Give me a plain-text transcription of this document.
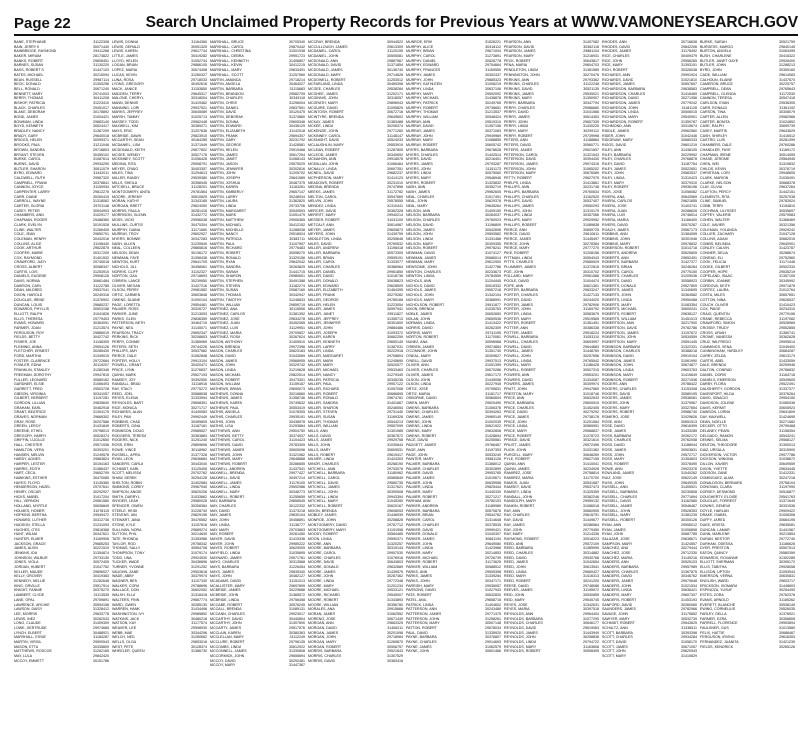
Page 22	Search Unclaimed Property Records for Previous Years at WWW.VAMONEYSEARCH.GOV
BANE, STEPHANIE	31122308
BAIN, JERRY K	30071440
BAINBRIDGE, RAYMOND	29411268
BAKER, MIRIAM	28173822
BANKS, ROBERT	29808451
BARNES, SUSAN	31130220
BASS, ROBERT S	31447103
BATES, MICHAEL	30215094
BEAN, RUSSELL	29987114
BECK, DONALD	31300256
BELL, RONALD	30671240
BENNETT, MARY	29741003
BERRY, THOMAS	30411208
BISHOP, PATRICIA	31223410
BLACK, CHARLES	29451017
BLAKE, DEBORAH	30178892
BOND, JAMES	31004421
BOWMAN, LINDA	29883140
BOYD, KENNETH	30524417
BRADLEY, NANCY	31367209
BRADY, GARY	29640018
BRIGGS, HELEN	30099371
BROOKS, PAUL	31211046
BROWN, SANDRA	29718803
BRYANT, STEVEN	30455102
BURKE, CAROL	31087614
BURNS, DAVID	29934250
BUTLER, SHARON	30611079
BYRD, EDWARD	31442011
CALDWELL, RUTH	29567320
CAMPBELL, FRANK	30378841
CANNON, JOYCE	31150934
CARPENTER, LARRY	29812276
CARR, DIANE	30260415
CARROLL, WAYNE	31318062
CARTER, GLORIA	29701148
CASEY, PETER	30544903
CHAMBERS, ANN	31029177
CHAPMAN, ROGER	29488360
CLARK, EVELYN	30191528
CLINE, WALTER	31266405
COLE, JEAN	29850791
COLEMAN, HENRY	30432016
COLLINS, ALICE	31198440
COOK, ARTHUR	29622875
COOPER, MARIE	30317209
COX, RAYMOND	31401532
CRAWFORD, JUDY	29745018
CROSS, ALBERT	30086347
CURTIS, LOIS	31253910
DANIELS, EUGENE	29908126
DAVIS, NORMA	30661484
DAWSON, CARL	31122785
DEAN, MILDRED	29537041
DIXON, HAROLD	30249316
DOUGLAS, IRENE	31376902
DUNCAN, LOUIS	29680237
EDWARDS, PHYLLIS	30503158
ELLIOTT, RALPH	31041826
ELLIS, THERESA	29779403
EVANS, HOWARD	30364091
FARMER, JOAN	31213574
FERGUSON, ROY	29866019
FIELDS, BETTY	30427742
FISHER, JOE	31158309
FLEMING, ANNA	29594126
FLETCHER, ERNEST	30285430
FORD, MARTHA	31349015
FOSTER, CLARENCE	29722684
FOWLER, EDNA	30119207
FRANKLIN, STANLEY	31280346
FREEMAN, DOROTHY	29947815
FULLER, LEONARD	30589162
GARDNER, ELSIE	31066493
GARRETT, FRED	29503728
GIBSON, VIRGINIA	30341057
GILBERT, HERBERT	31197281
GORDON, LILLIAN	29835640
GRAHAM, EARL	30462918
GRANT, BEATRICE	31304175
GRAVES, NORMAN	29669302
GRAY, ROSE	30207586
GREEN, LEROY	31431849
GREENE, ETHEL	29798013
GREGORY, HARRY	30528374
GRIFFIN, LUCILLE	31012650
HALL, CHESTER	29571936
HAMILTON, VERA	30393201
HANSEN, MELVIN	31249578
HARDY, AGNES	29883824
HARPER, LESTER	30154163
HARRIS, EDITH	31386437
HART, CECIL	29652709
HAWKINS, ESTHER	30470085
HAYES, FLOYD	31135360
HENDERSON, HAZEL	29707641
HENRY, OSCAR	30292927
HICKS, MABEL	31417204
HILL, VERNON	29961580
HOLLAND, MYRTLE	30636849
HOLMES, HOMER	31078115
HOPKINS, BERTHA	29549472
HOWARD, LUTHER	30312736
HUDSON, STELLA	31231093
HUGHES, OTIS	29818368
HUNT, WILMA	30447621
HUNTER, ELMER	31169906
JACKSON, GRACE	29685253
JAMES, ALVIN	30221519
JENKINS, IDA	31354874
JOHNSON, WILBUR	29733130
JONES, VIOLA	30572405
JORDAN, HUBERT	31047762
KELLER, MAUDE	29896027
KELLY, GROVER	30419383
KENNEDY, NELLIE	31282648
KING, ORVILLE	29517914
KNIGHT, FANNIE	30375270
LAMBERT, CLYDE	31113535
LANE, OPAL	29759891
LAWRENCE, ARCHIE	30594156
LAWSON, DAISY	31328412
LEE, MORRIS	29633778
LEWIS, INEZ	30262043
LONG, CLAUDE	31409309
LOWE, GERTRUDE	29974665
LYNCH, ELBERT	30488921
MARSHALL, ESSIE	31184287
MARTIN, VIRGIL	29590543
MASON, ETTA	30335809
MATTHEWS, ROSCOE	31262165
MAY, LULA	29842420
MCCOY, EMMETT	30151786
LEWIS, DONNA	31164360
LEWIS, GERALD	30051325
LEWIS, KAREN	29617744
LITTLE, JAMES	30419282
LLOYD, HELEN	31092744
LOGAN, BRIAN	29886105
LOPEZ, MARIA	30574498
LUCAS, KEVIN	31260327
LUNA, ROSA	29718033
LYONS, GREGORY	30492616
MACK, JANICE	31153850
MADDEN, TERRY	29645317
MALONE, CHERYL	30318004
MANN, DENNIS	31419462
MANNING, LORI	29937521
MARKS, JEFFREY	30645089
MARSH, TAMMY	31025713
MASSEY, TODD	29562448
MAXWELL, KIM	30389271
MAYS, ERIC	31207636
MCBRIDE, DAWN	29823910
MCCARTHY, SEAN	30164285
MCDANIEL, LISA	31371549
MCDONALD, KEITH	29677802
MCGEE, WENDY	30527176
MCKINNEY, SCOTT	31056428
MEDINA, RITA	29908791
MEYER, CRAIG	30403357
MILES, TINA	31294613
MILLER, RANDY	29539380
MILLS, SHEILA	30356945
MITCHELL, BRUCE	31128201
MONTGOMERY, ANITA	29781564
MOORE, JEREMY	30610829
MORAN, KATHY	31343185
MORGAN, BRETT	29624050
MORRIS, PAULA	30281416
MORRISON, GLENN	31432772
MOSS, VICKI	29956038
MULLINS, CURTIS	30475304
MURPHY, DIANA	31171660
MURRAY, TROY	29602927
MYERS, BONNIE	30347283
NASH, ALLEN	31239549
NEAL, COLLEEN	29865816
NELSON, DEAN	30136172
NEWMAN, FAYE	31398438
NEWTON, KURT	29641705
NICHOLS, JILL	30458061
NORRIS, CLIFF	31102327
NORTON, GAIL	29718693
O'BRIEN, LANCE	30239950
OLIVER, MEGAN	31427216
OLSON, PERRY	29981582
ORTIZ, CARMEN	30603848
OWENS, DUANE	31090104
PAGE, LORETTA	29554461
PALMER, ROSS	30326727
PARKER, JUNE	31213093
PARKS, GLEN	29836359
PATTERSON, BETH	30464715
PAYNE, NEIL	31145071
PEARSON, TRACY	29692347
PERKINS, RICK	30208603
PERRY, CONNIE	31365969
PETERS, SETH	29744226
PHILLIPS, AMY	30537582
PIERCE, DALE	31062848
PORTER, HOLLY	29913104
POWELL, GRANT	30420471
PRICE, LYNN	31276837
QUINN, MARK	29527193
RAMSEY, JOY	30392550
RANDALL, BRAD	31118916
RAY, STACY	29775272
REED, JOEL	30588638
REYES, ELENA	31333994
REYNOLDS, BART	29658351
RICE, MONICA	30271717
RICHARDS, ALAN	31449083
RILEY, PAM	29992449
ROBBINS, CHAD	30495805
ROBERTS, GINA	31187161
ROBINSON, DOUG	29585527
RODGERS, TERESA	30363883
ROGERS, NICK	31251240
ROSS, ERIN	29859606
ROWE, VINCE	30118962
RUSSELL, APRIL	31377328
RYAN, LEON	29636684
SANDERS, CARLA	30443040
SCHMIDT, KARL	31125406
SCOTT, MELISSA	29702762
SHAW, DEREK	30254128
SHELTON, ROBIN	31402584
SIMMONS, COREY	29967940
SIMPSON, ANGIE	30620206
SMITH, DARRYL	31033662
SNYDER, LEAH	29580028
SPENCER, OWEN	30308384
STEELE, HEIDI	31228740
STEVENS, IAN	29829196
STEWART, JANA	30476552
STONE, KYLE	31157818
SULLIVAN, NORA	29689274
SUTTON, PHIL	30214630
TATE, RHONDA	31353986
TAYLOR, ROD	29758342
THOMAS, SALLY	30554708
THOMPSON, TONY	31079174
TODD, UNA	29924530
TUCKER, WADE	30436896
TURNER, YVONNE	31291252
VAUGHN, ZANE	29503618
WADE, ABBY	30379974
WAGNER, BEN	31107330
WALKER, CORA	29788696
WALLACE, DON	30602052
WALSH, ELLA	31318418
WALTERS, FINN	29667774
WARD, GWEN	30285130
WARREN, HANK	31434496
WASHINGTON, IVY	29985852
WATKINS, JACK	30480218
WATSON, KAY	31177574
WEAVER, LEE	29598930
WEBB, MAE	30344296
WELCH, NED	31260652
WELLS, OLGA	29853018
WEST, PETE	30128374
WHEELER, QUEEN	31386730
MARSHALL, BRUCE	30705340
MARSHALL, CAROL	29870442
MARSHALL, CHRISTINA	31001938
MARSHALL, DEBRA	29951723
MARSHALL, KENNETH	31406807
MARSHALL, KEVIN	30412215
MARSHALL, MARY	29633491
MARSHALL, SCOTT	31257560
MARTIN, AMANDA	29718214
MARTIN, ANGELA	30464027
MARTIN, BARBARA	31115683
MARTIN, BRANDON	29582709
MARTIN, CHARLES	30349118
MARTIN, CHRIS	31296004
MARTIN, DANIEL	29837591
MARTIN, DAVID	30120475
MARTIN, DEBORAH	31374860
MARTIN, DONNA	29605346
MARTIN, EDWARD	30436129
MARTIN, ELIZABETH	31142018
MARTIN, FRANK	29694307
MARTIN, GARY	30231792
MARTIN, GEORGE	31428581
MARTIN, HELEN	29919468
MARTIN, JAMES	30617254
MARTIN, JANET	31068143
MARTIN, JASON	29575029
MARTIN, JENNIFER	30302816
MARTIN, JOHN	31205702
MARTIN, JOSEPH	29841589
MARTIN, JOSHUA	30487375
MARTIN, KAREN	31163261
MARTIN, KIMBERLY	29657147
MARTIN, LARRY	30248934
MARTIN, LAURA	31362820
MARTIN, LINDA	29733706
MARTIN, MARGARET	30549593
MARTIN, MARK	31051479
MARTIN, MATTHEW	29906365
MARTIN, MICHAEL	30412152
MARTIN, MICHELLE	31288038
MARTIN, NANCY	29518924
MARTIN, PATRICIA	30383711
MARTIN, PAUL	31107597
MARTIN, RICHARD	29776483
MARTIN, ROBERT	30598270
MARTIN, RONALD	31329156
MARTIN, RYAN	29642042
MARTIN, SANDRA	30263829
MARTIN, SARAH	31441715
MARTIN, SHARON	29980601
MARTIN, STEPHEN	30491388
MARTIN, STEVEN	31182274
MARTIN, SUSAN	29587160
MARTIN, THOMAS	30342947
MARTIN, TIMOTHY	31248833
MARTIN, WILLIAM	29859719
MARTINEZ, ANA	30115506
MARTINEZ, CARLOS	31381392
MARTINEZ, JOSE	29634278
MARTINEZ, JUAN	30452065
MARTINEZ, LUIS	31129951
MARTINEZ, MARIA	29709837
MARTINEZ, ROSA	30267624
MASON, ANTHONY	31405510
MASON, BRENDA	29972396
MASON, CHARLES	30623183
MASON, DAVID	31043069
MASON, JAMES	29568955
MASON, JOHN	30329742
MASON, LINDA	31219628
MASON, MICHAEL	29822514
MASON, ROBERT	30473301
MASON, WILLIAM	31159187
MATHEWS, BRIAN	29690073
MATHEWS, DONNA	30216860
MATHEWS, JAMES	31358746
MATHEWS, KAREN	29749632
MATHEWS, PAUL	30553419
MATHIS, ANGELA	31078305
MATHIS, CHARLES	29935191
MATHIS, JOHN	30438978
MATHIS, LISA	31293864
MATTHEWS, ANN	29504750
MATTHEWS, BETTY	30374537
MATTHEWS, CAROL	31104423
MATTHEWS, DAVID	29783309
MATTHEWS, JAMES	30605096
MATTHEWS, JOHN	31321982
MATTHEWS, MARY	29648868
MATTHEWS, ROBERT	30286655
MAXWELL, ANDREW	31437541
MAXWELL, BRENDA	29977427
MAXWELL, DAVID	30497214
MAXWELL, JAMES	31176100
MAXWELL, LINDA	29592986
MAXWELL, MARY	30348773
MAXWELL, ROBERT	31255659
MAY, BARBARA	29856545
MAY, CHARLES	30122332
MAY, DAVID	31373218
MAY, JAMES	29630104
MAY, JOHN	30458891
MAY, LINDA	31136777
MAY, MARY	29703663
MAY, ROBERT	30261450
MAYER, DAVID	31419336
MAYER, JOHN	29989222
MAYES, ROBERT	30629009
MAYFIELD, LINDA	31035895
MAYNARD, JAMES	29571781
MAYO, CHARLES	30313568
MAYS, BARBARA	31226454
MAYS, JAMES	29835340
MAYS, JOHN	30482127
MCADAMS, DAVID	31151013
MCALLISTER, MARY	29697899
MCBRIDE, JAMES	30229686
MCBRIDE, JOHN	31365572
MCBRIDE, LINDA	29756458
MCCABE, ROBERT	30576245
MCCALL, BRENDA	31089131
MCCANN, CHARLES	29923017
MCCARTHY, DAVID	30440804
MCCARTHY, JOHN	31307690
MCCARTY, JAMES	29517576
MCCLAIN, KAREN	30380363
MCCLELLAN, MARY	31112249
MCCLURE, ROBERT	29796135
MCCOMBS, LINDA	30612922
MCCONNELL, JAMES	31330808
MCCORMICK, JOHN	29655694
MCCOY, DAVID	30292481
MCCOY, MARY	31447367
MCCRAY, BRENDA	30944522
MCCULLOUGH, JAMES	29613309
MCDANIEL, CAROL	31120195
MCDANIEL, JOHN	30505081
MCDONALD, ANN	29887967
MCDONALD, DAVID	31371854
MCDONALD, JAMES	30136740
MCDONALD, MARY	29714626
MCDOWELL, ROBERT	31253512
MCFARLAND, LINDA	30469398
MCGEE, CHARLES	29538284
MCGHEE, JAMES	31202171
MCGINNIS, JOHN	30318057
MCGRATH, MARY	29896943
MCGUIRE, DAVID	31095829
MCINTOSH, ROBERT	30672716
MCINTYRE, BRENDA	29649602
MCKAY, JAMES	31383488
MCKEE, LINDA	30206374
MCKENZIE, JOHN	29771260
MCKINNEY, CAROL	31148147
MCKNIGHT, DAVID	30524033
MCLAUGHLIN, MARY	29553919
MCLEAN, ROBERT	31287805
MCLEOD, JAMES	30340692
MCMAHON, ANN	29918578
MCMILLAN, JOHN	31066464
MCNALLY, LINDA	30697351
MCNEIL, DAVID	29682237
MCPHERSON, MARY	31414123
MEADOWS, ROBERT	30231010
MEDINA, BRENDA	29747896
MEEKS, JAMES	31172782
MELTON, CAROL	30547669
MELVIN, JOHN	29578555
MENDEZ, LINDA	31310441
MERCER, DAVID	30362328
MERRITT, MARY	29940214
MESSER, ROBERT	31041100
METCALF, ANN	30614987
MEYER, JAMES	29605873
MEYERS, JOHN	31439759
MIDDLETON, LINDA	30255646
MILES, DAVID	29769532
MILLER, ANDREW	31198418
MILLER, BARBARA	30573305
MILLER, BRIAN	29595191
MILLER, CAROL	31333077
MILLER, CHARLES	30386964
MILLER, DANIEL	29961850
MILLER, DAVID	31018736
MILLER, DONALD	30638623
MILLER, EDWARD	29628509
MILLER, ELIZABETH	31464395
MILLER, FRANK	30279282
MILLER, GEORGE	29785168
MILLER, HELEN	31223054
MILLER, JAMES	30597941
MILLER, JANET	29511827
MILLER, JEFFREY	31355713
MILLER, JENNIFER	30301600
MILLER, JOHN	29884486
MILLER, JOSEPH	31093372
MILLER, KAREN	30662259
MILLER, KENNETH	29650145
MILLER, LARRY	31387031
MILLER, LINDA	30222918
MILLER, MARGARET	29708804
MILLER, MARK	31245690
MILLER, MARY	30520577
MILLER, MICHAEL	29533463
MILLER, NANCY	31279349
MILLER, PATRICIA	30345236
MILLER, PAUL	29907122
MILLER, RICHARD	31057008
MILLER, ROBERT	30686895
MILLER, RONALD	29674781
MILLER, SANDRA	31401667
MILLER, SHARON	30246554
MILLER, STEVEN	29731440
MILLER, SUSAN	31169326
MILLER, THOMAS	30544213
MILLER, WILLIAM	29557099
MILLS, ANN	31301985
MILLS, DAVID	30367872
MILLS, JAMES	29929758
MILLS, JOHN	31030644
MILLS, MARY	30609531
MILLS, ROBERT	29619417
MILNER, LINDA	31424303
MINOR, CHARLES	30268190
MITCHELL, ANN	29753076
MITCHELL, BARBARA	31180962
MITCHELL, CAROL	30565849
MITCHELL, DAVID	29580735
MITCHELL, JAMES	31317621
MITCHELL, JOHN	30390508
MITCHELL, LINDA	29943394
MITCHELL, MARY	31045280
MITCHELL, ROBERT	30620167
MIXON, BRENDA	29608053
MOBLEY, JAMES	31446939
MONROE, JOHN	30258826
MONTGOMERY, DAVID	29767712
MONTGOMERY, MARY	31191598
MOODY, ROBERT	30584485
MOON, LINDA	29590371
MOORE, ANN	31320257
MOORE, BARBARA	30319144
MOORE, CAROL	29957030
MOORE, CHARLES	31076916
MOORE, DAVID	30643803
MOORE, DONALD	29632689
MOORE, JAMES	31439575
MOORE, JOHN	30287462
MOORE, LINDA	29772348
MOORE, MARY	31201234
MOORE, MICHAEL	30533121
MOORE, RICHARD	29545007
MOORE, ROBERT	31343893
MOORE, WILLIAM	30356780
MORALES, ANA	29915666
MORAN, JAMES	31062552
MORENO, JOSE	30671439
MORGAN, ANN	29663325
MORGAN, DAVID	31406211
MORGAN, JAMES	30201098
MORGAN, JOHN	29718984
MORGAN, MARY	31269870
MORGAN, ROBERT	30506757
MORRIS, BARBARA	29521643
MORRIS, CHARLES	31307529
MORRIS, DAVID	30383416
MUNROE, ERIK	31526221
MURPHY, ALICE	30418112
MURPHY, BRIAN	29671004
MURPHY, CAROL	31273891
MURPHY, DANIEL	30526778
MURPHY, EDWARD	29754664
MURPHY, FRANCES	31169550
MURPHY, JAMES	30302437
MURPHY, JOHN	29885323
MURPHY, KATHLEEN	31006219
MURPHY, LINDA	30637106
MURPHY, MARY	29592092
MURPHY, MICHAEL	31438878
MURPHY, PATRICK	30249765
MURPHY, ROBERT	29736651
MURPHY, THOMAS	31213537
MURPHY, WILLIAM	30548424
MURRAY, ANN	29519310
MURRAY, DAVID	31357196
MURRAY, JAMES	30371083
MURRAY, JOHN	29949969
MURRAY, MARY	31088855
MURRAY, ROBERT	30605742
MYERS, BARBARA	29678628
MYERS, CHARLES	31442514
MYERS, DAVID	30216401
MYERS, JAMES	29793287
MYERS, JOHN	31151173
MYERS, LINDA	30575060
MYERS, MARY	29548946
MYERS, ROBERT	31325832
NASH, ANN	30352719
NASH, JAMES	29962605
NEAL, CHARLES	31017491
NEAL, JOHN	30629378
NEAL, MARY	29635264
NELSON, ANN	31409150
NELSON, BARBARA	30284037
NELSON, CHARLES	29760923
NELSON, DAVID	31196809
NELSON, JAMES	30542696
NELSON, JOHN	29593582
NELSON, LINDA	31331468
NELSON, MARY	30309355
NELSON, ROBERT	29978241
NEWMAN, DAVID	31074127
NEWMAN, JAMES	30686014
NEWMAN, MARY	29612900
NEWSOME, JOHN	31427786
NEWTON, CHARLES	30233673
NEWTON, LINDA	29784559
NICHOLS, ANN	31204445
NICHOLS, DAVID	30519332
NICHOLS, JAMES	29557218
NICHOLS, JOHN	31342104
NICHOLS, MARY	30368991
NICHOLSON, ROBERT	29911877
NIXON, BRENDA	31035763
NOBLE, JAMES	30652650
NOLAN, JOHN	29659536
NORMAN, LINDA	31413422
NORRIS, DAVID	30262309
NORRIS, MARY	29741195
NORTON, ROBERT	31170081
NUNEZ, ANA	30596968
O'BRIEN, JAMES	29574854
O'CONNOR, JOHN	31351740
O'NEAL, MARY	30309627
O'NEILL, DAVID	29937513
OLIVER, ANN	31051399
OLIVER, CHARLES	30670286
OLIVER, JAMES	29617172
OLSON, JOHN	31445058
OLSON, LINDA	30227945
ORTIZ, JOSE	29795831
ORTIZ, MARIA	31181717
OSBORNE, DAVID	30560604
OWEN, MARY	29520490
OWENS, BARBARA	31306376
OWENS, CHARLES	30394263
OWENS, JAMES	29969149
OWENS, JOHN	31002035
OWENS, LINDA	30621922
OWENS, MARY	29632808
OWENS, ROBERT	31428694
PACE, DAVID	30255581
PADGETT, JAMES	29766467
PAGE, ANN	31197353
PAGE, JOHN	30533240
PAINTER, MARY	29581126
PALMER, BARBARA	31368012
PALMER, CHARLES	30302899
PALMER, DAVID	29953785
PALMER, JAMES	31019671
PALMER, JOHN	30639558
PALMER, LINDA	29625444
PALMER, MARY	31440330
PALMER, ROBERT	30271217
PARHAM, ANN	29780103
PARKER, ANDREW	31185989
PARKER, BARBARA	30570876
PARKER, BRIAN	29544762
PARKER, CAROL	31314648
PARKER, CHARLES	30378535
PARKER, DAVID	29990421
PARKER, DONALD	31040307
PARKER, JAMES	30661194
PARKER, JOHN	29649080
PARKER, LINDA	31423966
PARKER, MARY	30214853
PARKER, MICHAEL	29726739
PARKER, ROBERT	31173625
PARKER, WILLIAM	30588512
PARKS, ANN	29505398
PARKS, JAMES	31339284
PARKS, JOHN	30347171
PARRISH, MARY	29936057
PARSONS, DAVID	31027943
PATE, ROBERT	30632830
PATEL, ANIL	29658716
PATRICK, LINDA	31404602
PATTERSON, ANN	30243489
PATTERSON, JAMES	29771375
PATTERSON, JOHN	31258261
PATTERSON, MARY	30507148
PATTON, ROBERT	29578034
PAUL, DAVID	31335920
PAYNE, BARBARA	30376807
PAYNE, CHARLES	29914693
PAYNE, JAMES	31062579
PAYNE, JOHN	30601466
PEARSON, ANN	31407082
PEARSON, DAVID	30362118
PEARSON, JAMES	29881104
PEARSON, MARY	31216931
PECK, ROBERT	30643817
PENA, MARIA	29604703
PENDLETON, LINDA	31381589
PENNINGTON, JOHN	30270476
PERKINS, ANN	29793362
PERKINS, CHARLES	31122248
PERKINS, DAVID	30521135
PERKINS, JAMES	29535021
PERKINS, MARY	31350907
PERRY, BARBARA	30347794
PERRY, CHARLES	29986680
PERRY, DAVID	31041566
PERRY, JAMES	30614453
PERRY, JOHN	29657339
PERRY, LINDA	31430225
PERRY, MARY	30299112
PERRY, ROBERT	29739998
PETERS, ANN	31188884
PETERS, DAVID	30560771
PETERS, JAMES	29521657
PETERSON, CAROL	31321543
PETERSON, DAVID	30394430
PETERSON, JAMES	29974316
PETERSON, JOHN	31065202
PETERSON, MARY	30676089
PETTY, ROBERT	29627975
PHELPS, LINDA	31413861
PHILLIPS, ANN	30231748
PHILLIPS, BARBARA	29760634
PHILLIPS, CHARLES	31162520
PHILLIPS, DAVID	30537407
PHILLIPS, JAMES	29550293
PHILLIPS, JOHN	31319179
PHILLIPS, LINDA	30357066
PHILLIPS, MARY	29929952
PHILLIPS, ROBERT	31089838
PIERCE, ANN	30659725
PIERCE, DAVID	29610611
PIERCE, JAMES	31445497
PIERCE, JOHN	30278384
PIERCE, MARY	29777270
PIKE, ROBERT	31208156
PITTMAN, LINDA	30554043
PITTS, CHARLES	29565929
PLUMMER, JAMES	31372815
POE, JOHN	30310702
POLLARD, MARY	29961588
POOLE, DAVID	31004474
POPE, ANN	30621361
PORTER, BARBARA	29633247
PORTER, CHARLES	31427133
PORTER, DAVID	30244020
PORTER, JAMES	29782906
PORTER, JOHN	31169792
PORTER, LINDA	30583679
PORTER, MARY	29519565
PORTER, ROBERT	31361451
POTTER, ANN	30386338
POTTER, JAMES	29918224
POWELL, BARBARA	31053110
POWELL, CHARLES	30693997
POWELL, DAVID	29644883
POWELL, JAMES	31448769
POWELL, JOHN	30257656
POWELL, LINDA	29765542
POWELL, MARY	31186428
POWELL, ROBERT	30507315
POWERS, ANN	29553201
POWERS, DAVID	31334087
POWERS, JAMES	30309974
PRATT, JOHN	29947860
PRESTON, MARY	31018746
PRICE, ANN	30632633
PRICE, BARBARA	29600519
PRICE, CHARLES	31452405
PRICE, DAVID	30279292
PRICE, JAMES	29738178
PRICE, JOHN	31201064
PRICE, LINDA	30565951
PRICE, MARY	29568837
PRICE, ROBERT	31378723
PRINCE, DAVID	30321610
PRUITT, JAMES	29972496
PUGH, JOHN	31031382
PURCELL, MARY	30648269
PYLE, ROBERT	29627155
QUINN, ANN	31410041
QUINN, JAMES	30234928
RAMIREZ, JOSE	29758814
RAMIREZ, MARIA	31170700
RAMOS, JUAN	30541587
RAMSEY, DAVID	29537473
RAMSEY, LINDA	31325359
RANDALL, JOHN	30362246
RANDOLPH, MARY	29959132
RANKIN, ROBERT	31086018
RAY, ANN	30660905
RAY, CHARLES	29615791
RAY, DAVID	31449677
RAY, JAMES	30286564
RAY, JOHN	29779450
RAY, MARY	31214336
RAYMOND, ROBERT	30518223
REED, ANN	29572109
REED, BARBARA	31389995
REED, CHARLES	30314882
REED, DAVID	29930768
REED, JAMES	31042654
REED, JOHN	30613541
REED, LINDA	29660427
REED, MARY	31416313
REED, ROBERT	30241200
REESE, DAVID	29748086
REEVES, JAMES	31195972
REID, JOHN	30530859
REID, MARY	29545745
REYES, JOSE	31342631
REYES, MARIA	30397518
REYNOLDS, ANN	29964404
REYNOLDS, BARBARA	31077290
REYNOLDS, CHARLES	30646177
REYNOLDS, DAVID	29619063
REYNOLDS, JAMES	31443949
REYNOLDS, JOHN	30258836
REYNOLDS, LINDA	29794722
REYNOLDS, MARY	31163608
REYNOLDS, ROBERT	30598495
RHODES, ANN	30716638
RHODES, DAVID	29842206
RHODES, JAMES	31178492
RICE, CHARLES	30409379
RICE, JOHN	29556265
RICE, MARY	31393151
RICH, ROBERT	30326038
RICHARDS, ANN	29991924
RICHARDS, DAVID	31021810
RICHARDS, JAMES	30657697
RICHARDSON, BARBARA	29638583
RICHARDSON, CHARLES	31416469
RICHARDSON, DAVID	30271356
RICHARDSON, JAMES	29779242
RICHARDSON, JOHN	31181128
RICHARDSON, LINDA	30506015
RICHARDSON, MARY	29540901
RICHARDSON, ROBERT	31359787
RICHMOND, ANN	30315674
RIDDLE, JAMES	29962560
RIDER, JOHN	31042446
RIDGEWAY, MARY	30680333
RIGGS, DAVID	29601219
RILEY, ANN	31438105
RILEY, BARBARA	30229992
RILEY, CHARLES	29768878
RILEY, DAVID	31187764
RILEY, JAMES	30522651
RILEY, JOHN	29583537
RILEY, LINDA	31310423
RILEY, MARY	30379310
RILEY, ROBERT	29936196
RIOS, JOSE	31056082
RIVERA, ANA	30643969
RIVERA, CARLOS	29621855
RIVERA, JOSE	31403741
RIVERA, JUAN	30288628
RIVERA, LUIS	29746514
RIVERA, MARIA	31166400
RIVERS, DAVID	30570287
ROACH, JAMES	29567173
ROBBINS, ANN	31384059
ROBBINS, JOHN	30301946
ROBBINS, MARY	29978832
ROBERSON, ROBERT	31014718
ROBERTS, ANDREW	30625605
ROBERTS, ANN	29652491
ROBERTS, BARBARA	31427377
ROBERTS, BRIAN	30246264
ROBERTS, CAROL	29775150
ROBERTS, CHARLES	31209036
ROBERTS, DAVID	30558923
ROBERTS, DONALD	29527809
ROBERTS, JAMES	31340695
ROBERTS, JOHN	30364582
ROBERTS, LINDA	29950468
ROBERTS, MARY	31083354
ROBERTS, MICHAEL	30600241
ROBERTS, ROBERT	29638127
ROBERTS, WILLIAM	31451013
ROBERTSON, ANN	30217900
ROBERTSON, DAVID	29782786
ROBERTSON, JAMES	31197672
ROBERTSON, JOHN	30534559
ROBERTSON, MARY	29591445
ROBINSON, BARBARA	31322331
ROBINSON, CHARLES	30388218
ROBINSON, DAVID	29919104
ROBINSON, JAMES	31061990
ROBINSON, JOHN	30674877
ROBINSON, LINDA	29603763
ROBINSON, MARY	31415649
ROBINSON, ROBERT	30271536
ROGERS, ANN	29788422
ROGERS, CHARLES	31153308
ROGERS, DAVID	30589195
ROGERS, JAMES	29536081
ROGERS, JOHN	31375967
ROGERS, MARY	30327854
ROGERS, ROBERT	29986740
ROMERO, JOSE	31029626
ROSE, ANN	30651513
ROSE, DAVID	29616399
ROSE, JAMES	31433285
ROSS, BARBARA	30262172
ROSS, CHARLES	29762058
ROSS, DAVID	31188944
ROSS, JAMES	30503831
ROSS, JOHN	29572717
ROSS, MARY	31354603
ROSS, ROBERT	30378490
ROWE, ANN	29923376
ROWLAND, JAMES	31040262
RUIZ, JOSE	30622149
RUSH, JOHN	29649035
RUSSELL, ANN	31405921
RUSSELL, BARBARA	30230808
RUSSELL, CHARLES	29771694
RUSSELL, DAVID	31162580
RUSSELL, JAMES	30546467
RUSSELL, JOHN	29528353
RUSSELL, MARY	31381239
RUSSELL, ROBERT	30305126
RYAN, ANN	29955012
RYAN, JAMES	31006898
RYAN, JOHN	30687785
SALAZAR, JOSE	29638671
SAMPSON, MARY	31424557
SANCHEZ, ANA	30279444
SANCHEZ, JOSE	29712330
SANCHEZ, MARIA	31149216
SANDERS, ANN	30525103
SANDERS, BARBARA	29557989
SANDERS, CHARLES	31367875
SANDERS, DAVID	30346762
SANDERS, JAMES	29970648
SANDERS, JOHN	31021534
SANDERS, LINDA	30636421
SANDERS, MARY	29607307
SANDERS, ROBERT	31453193
SANFORD, DAVID	30260080
SAUNDERS, JAMES	29782966
SAVAGE, JOHN	31175852
SAWYER, MARY	30532739
SCHMIDT, ROBERT	29543625
SCHULTZ, ANN	31336511
SCOTT, BARBARA	30393398
SCOTT, CHARLES	29934284
SCOTT, DAVID	31058170
SCOTT, JAMES	30671057
SCOTT, JOHN	29620943
SCOTT, MARY	31410829
BURKE, SARAH	30521759
BURGESS, MARGO	29840145
BURTON, ANGELA	31063495
BUSH, CHARLENE	30416322
BUTLER, JANET GAYE	29926400
BUTLER, JOHN	31288213
BYRD, JOHN	30359160
CADE, WILLIAM	29614083
CALHOUN, ELAINE	31437870
CAMERON, BRUCE	30225757
CAMPBELL, DEAN	29765643
CAMPBELL, GLENDA	31172530
CANNON, TERESA	30547418
CARLSON, EVAN	29536305
CARR, RONALD	31361192
CARSON, TINA	30308079
CARTER, ALLEN	29982966
CARTER, BONITA	31024852
CASE, RALPH	30699739
CASEY, MARTIN	29643625
CASH, SHIRLEY	31416512
CASTRO, LUIS	30281399
CHAMBERS, DALE	29760286
CHANDLER, FAYE	31189172
CHAPMAN, IRENE	30514059
CHASE, JEROME	29564945
CHEN, WEI	31319832
CHILDS, KEVIN	30376719
CHRISTIAN, LORI	29948605
CLARK, MARION	31035491
CLARKE, NELSON	30668378
CLAY, OLIVIA	29637264
CLAYTON, PERCY	31442151
CLEMENTS, RITA	30257038
CLINE, SAMUEL	29783924
COBB, TERRI	31154810
COCHRAN, ULYSSES	30535697
COFFEY, VALERIE	29579583
COHEN, WALTER	31368469
COLE, XAVIER	30321356
COLEMAN, YOLANDA	29929242
COLLIER, ZACHARY	31047128
COLLINS, ADAM	30662015
COMBS, BELINDA	29640901
CONLEY, CALVIN	31423787
CONNER, DELIA	30288674
CONRAD, ELI	29752560
COOK, FELICIA	31171446
COOKE, GILBERT	30502333
COOPER, HOPE	29535219
COPELAND, ISAAC	31357105
CORBIN, JOANNE	30345992
CORDOVA, KEITH	29971878
CORTEZ, LAURA	31012764
COSTA, MILES	30657651
COTTON, NINA	29626537
COUCH, OLIVER	31410423
COX, PAIGE	30234310
CRAIG, QUENTIN	29779196
CRANE, REBECCA	31197082
CRAWFORD, SIMON	30528969
CROSBY, TRUDY	29552855
CROSS, URIAH	31380741
CROWE, VANESSA	30362628
CRUZ, WILFREDO	29995514
CUMMINGS, XENA	31049400
CUNNINGHAM, YARDLEY	30684287
CURRY, ZELDA	29613173
CURTIS, ABEL	31433059
DALE, BRENDA	30259946
DALTON, CONRAD	29786832
DANIEL, DORIS	31164718
DANIELS, EMERSON	30549605
DARBY, FLORA	29522491
DAUGHERTY, GORDON	31337377
DAVENPORT, HILDA	30376264
DAVID, IGNACIO	29954150
DAVIDSON, JOLENE	31080036
DAVIS, KERMIT	30605923
DAWSON, LORNA	29641809
DAY, MAXWELL	31424695
DEAN, NOELLE	30271582
DECKER, OTTO	29795468
DELANEY, PEARL	31158354
DELGADO, RAMON	30543241
DENNIS, SELMA	29568127
DENTON, THEODORE	31390013
DIAZ, URSULA	30315900
DICKERSON, VICTOR	29977786
DICKSON, WINONA	31038672
DILLON, XAVIER	30649559
DIXON, YVETTE	29634445
DODSON, ZANE	31412331
DOMINGUEZ, ALMA	30247218
DONALDSON, BERNARD	29758104
DONOVAN, CLARA	31197990
DORSEY, DESMOND	30516877
DOUGHERTY, ELOISE	29541763
DOUGLAS, FORREST	31371649
DOWNS, GENEVA	30331536
DOYLE, HARLAN	29909422
DRAKE, ISABEL	31006308
DUFFY, JARED	30684195
DUKE, KRISTA	29635081
DUNCAN, LAMAR	31441967
DUNN, MARLENE	30213854
DURAN, NESTOR	29772740
DURHAM, ODESSA	31186626
DYER, PRESTON	30507513
EATON, QUINCY	29580399
EDWARDS, ROXANNE	31302285
ELLIOTT, SHERMAN	30395172
ELLIS, TABITHA	29928058
ELLISON, UPTON	31053944
EMERSON, VERNA	30630831
ENGLISH, WARD	29603717
ERICKSON, XIOMARA	31448603
ESPINOZA, YUSUF	30254490
ESTES, ZORA	29762376
EVANS, ARNOLD	31185262
EVERETT, BLANCHE	30538149
EWING, CORNELIUS	29526035
FARLEY, DELLA	31378921
FARMER, EZRA	30356808
FARRELL, FLORENCE	29953694
FAULKNER, GUS	31013580
FELIX, HATTIE	30688467
FERGUSON, IRVING	29616353
FERNANDEZ, JUANITA	31421239
FIELDS, KENDRICK	30265126
